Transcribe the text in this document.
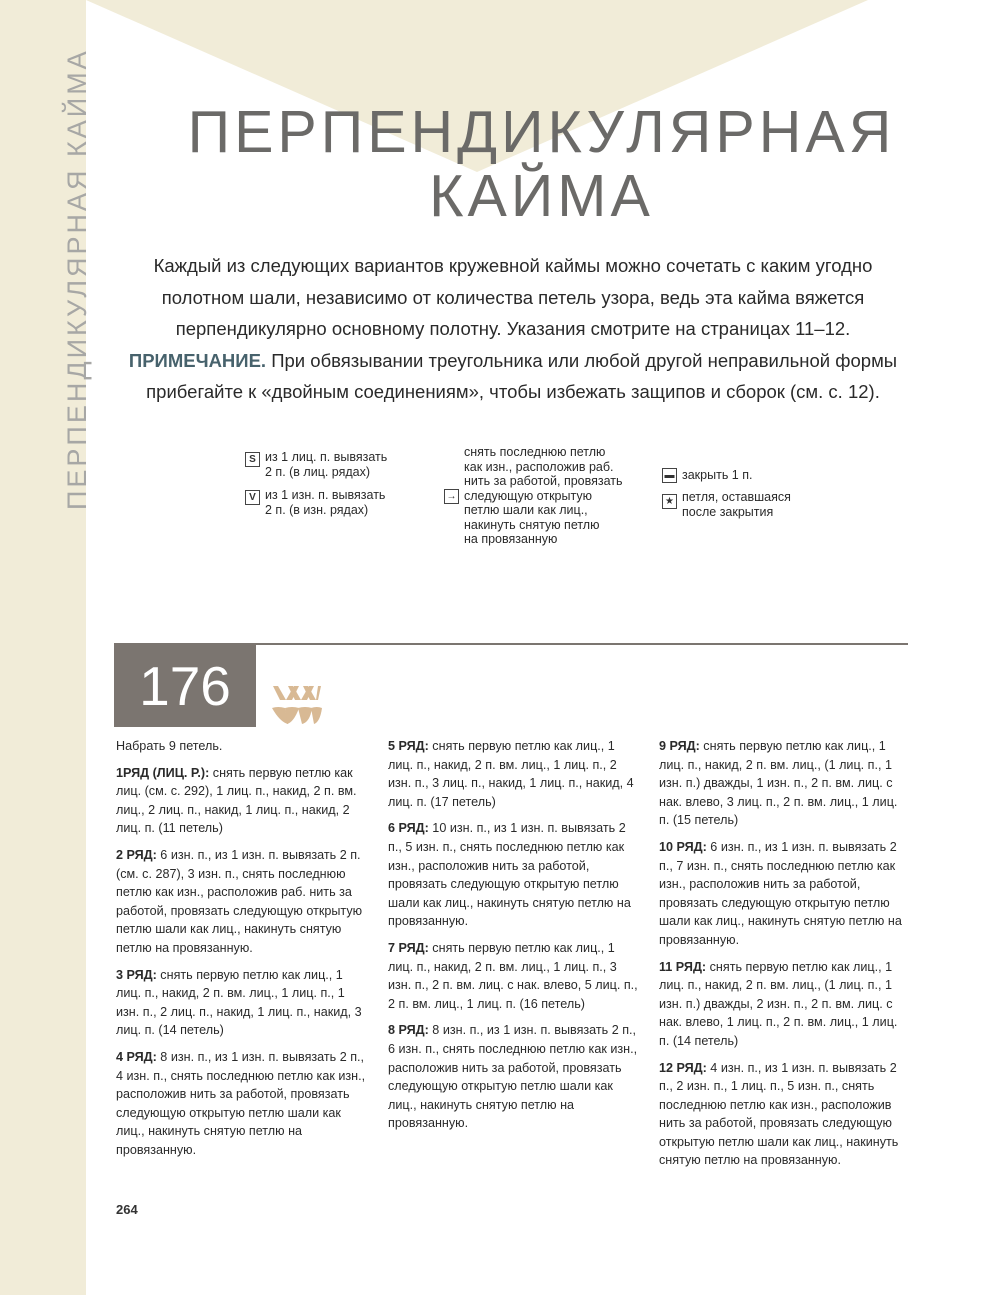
ПЕРПЕНДИКУЛЯРНАЯ КАЙМА	ПЕРПЕНДИКУЛЯРНАЯ
КАЙМА

Каждый из следующих вариантов кружевной каймы можно сочетать с каким угодно

полотном шали, независимо от количества петель узора, ведь эта кайма вяжется

перпендикулярно основному полотну. Указания смотрите на страницах 11–12.

ПРИМЕЧАНИЕ. При обвязывании треугольника или любой другой неправильной формы

прибегайте к «двойным соединениям», чтобы избежать защипов и сборок (см. с. 12).

S из 1 лиц. п. вывязать
2 п. (в лиц. рядах)
V из 1 изн. п. вывязать
2 п. (в изн. рядах)
→
снять последнюю петлю
как изн., расположив раб.
нить за работой, провязать
следующую открытую
петлю шали как лиц.,
накинуть снятую петлю
на провязанную
▬ закрыть 1 п.
★ петля, оставшаяся
после закрытия
176

Набрать 9 петель.

1РЯД (ЛИЦ. Р.): снять первую петлю как лиц. (см. с. 292), 1 лиц. п., накид, 2 п. вм. лиц., 2 лиц. п., накид, 1 лиц. п., накид, 2 лиц. п. (11 петель)

2 РЯД: 6 изн. п., из 1 изн. п. вывязать 2 п. (см. с. 287), 3 изн. п., снять последнюю петлю как изн., расположив раб. нить за работой, провязать следующую открытую петлю шали как лиц., накинуть снятую петлю на провязанную.

3 РЯД: снять первую петлю как лиц., 1 лиц. п., накид, 2 п. вм. лиц., 1 лиц. п., 1 изн. п., 2 лиц. п., накид, 1 лиц. п., накид, 3 лиц. п. (14 петель)

4 РЯД: 8 изн. п., из 1 изн. п. вывязать 2 п., 4 изн. п., снять последнюю петлю как изн., расположив нить за работой, провязать следующую открытую петлю шали как лиц., накинуть снятую петлю на провязанную.

5 РЯД: снять первую петлю как лиц., 1 лиц. п., накид, 2 п. вм. лиц., 1 лиц. п., 2 изн. п., 3 лиц. п., накид, 1 лиц. п., накид, 4 лиц. п. (17 петель)

6 РЯД: 10 изн. п., из 1 изн. п. вывязать 2 п., 5 изн. п., снять последнюю петлю как изн., расположив нить за работой, провязать следующую открытую петлю шали как лиц., накинуть снятую петлю на провязанную.

7 РЯД: снять первую петлю как лиц., 1 лиц. п., накид, 2 п. вм. лиц., 1 лиц. п., 3 изн. п., 2 п. вм. лиц. с нак. влево, 5 лиц. п., 2 п. вм. лиц., 1 лиц. п. (16 петель)

8 РЯД: 8 изн. п., из 1 изн. п. вывязать 2 п., 6 изн. п., снять последнюю петлю как изн., расположив нить за работой, провязать следующую открытую петлю шали как лиц., накинуть снятую петлю на провязанную.

9 РЯД: снять первую петлю как лиц., 1 лиц. п., накид, 2 п. вм. лиц., (1 лиц. п., 1 изн. п.) дважды, 1 изн. п., 2 п. вм. лиц. с нак. влево, 3 лиц. п., 2 п. вм. лиц., 1 лиц. п. (15 петель)

10 РЯД: 6 изн. п., из 1 изн. п. вывязать 2 п., 7 изн. п., снять последнюю петлю как изн., расположив нить за работой, провязать следующую открытую петлю шали как лиц., накинуть снятую петлю на провязанную.

11 РЯД: снять первую петлю как лиц., 1 лиц. п., накид, 2 п. вм. лиц., (1 лиц. п., 1 изн. п.) дважды, 2 изн. п., 2 п. вм. лиц. с нак. влево, 1 лиц. п., 2 п. вм. лиц., 1 лиц. п. (14 петель)

12 РЯД: 4 изн. п., из 1 изн. п. вывязать 2 п., 2 изн. п., 1 лиц. п., 5 изн. п., снять последнюю петлю как изн., расположив нить за работой, провязать следующую открытую петлю шали как лиц., накинуть снятую петлю на провязанную.

264
